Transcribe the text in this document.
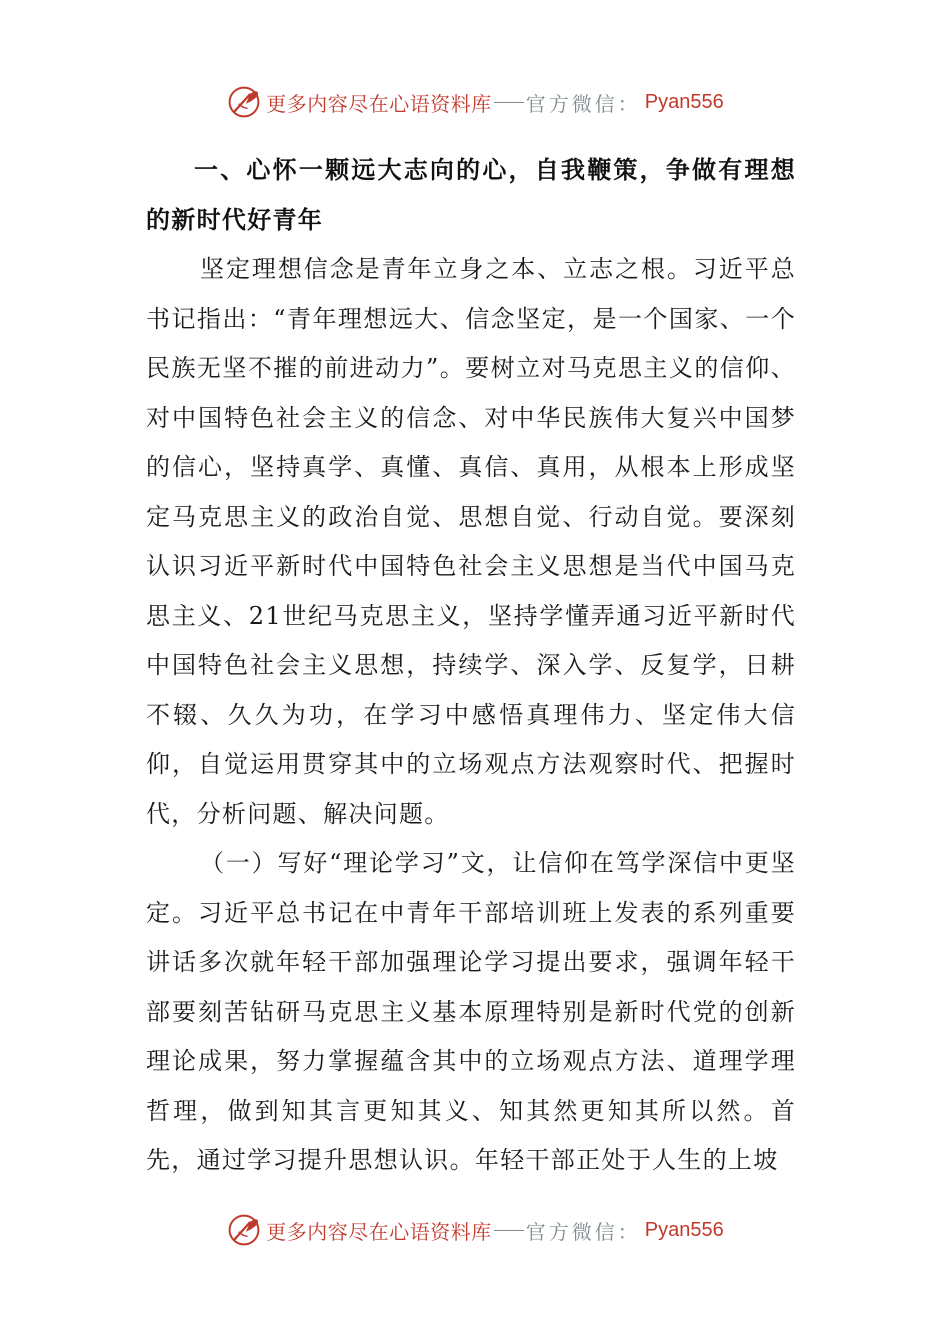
更多内容尽在心语资料库 官方微信： Pyan556

一、心怀一颗远大志向的心，自我鞭策，争做有理想的新时代好青年

坚定理想信念是青年立身之本、立志之根。习近平总书记指出：“青年理想远大、信念坚定，是一个国家、一个民族无坚不摧的前进动力”。要树立对马克思主义的信仰、对中国特色社会主义的信念、对中华民族伟大复兴中国梦的信心，坚持真学、真懂、真信、真用，从根本上形成坚定马克思主义的政治自觉、思想自觉、行动自觉。要深刻认识习近平新时代中国特色社会主义思想是当代中国马克思主义、21世纪马克思主义，坚持学懂弄通习近平新时代中国特色社会主义思想，持续学、深入学、反复学，日耕不辍、久久为功，在学习中感悟真理伟力、坚定伟大信仰，自觉运用贯穿其中的立场观点方法观察时代、把握时代，分析问题、解决问题。

（一）写好“理论学习”文，让信仰在笃学深信中更坚定。习近平总书记在中青年干部培训班上发表的系列重要讲话多次就年轻干部加强理论学习提出要求，强调年轻干部要刻苦钻研马克思主义基本原理特别是新时代党的创新理论成果，努力掌握蕴含其中的立场观点方法、道理学理哲理，做到知其言更知其义、知其然更知其所以然。首先，通过学习提升思想认识。年轻干部正处于人生的上坡

更多内容尽在心语资料库 官方微信： Pyan556
